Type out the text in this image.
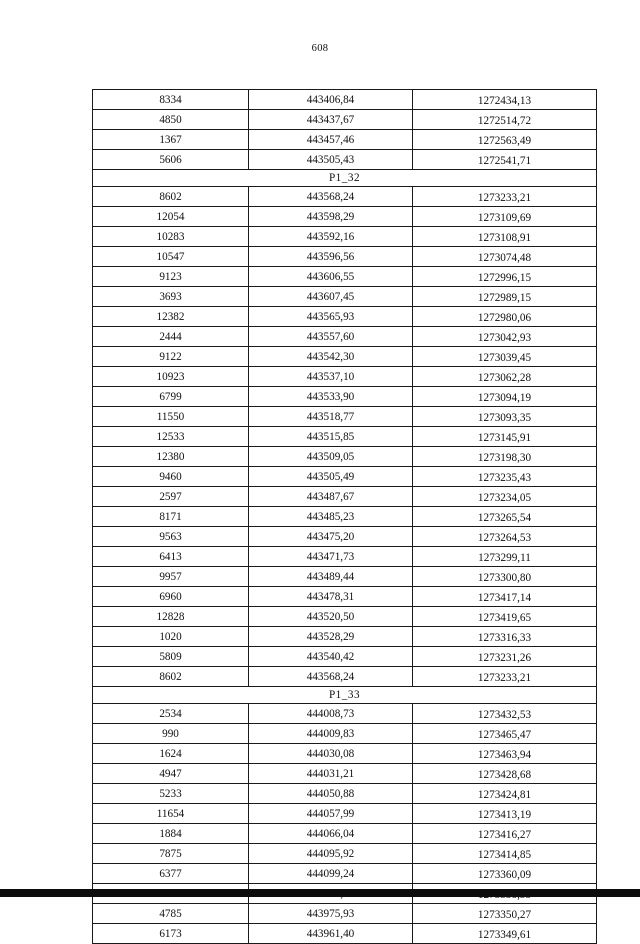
608
8334	443406,84	1272434,13
4850	443437,67	1272514,72
1367	443457,46	1272563,49
5606	443505,43	1272541,71
P1_32		
8602	443568,24	1273233,21
12054	443598,29	1273109,69
10283	443592,16	1273108,91
10547	443596,56	1273074,48
9123	443606,55	1272996,15
3693	443607,45	1272989,15
12382	443565,93	1272980,06
2444	443557,60	1273042,93
9122	443542,30	1273039,45
10923	443537,10	1273062,28
6799	443533,90	1273094,19
11550	443518,77	1273093,35
12533	443515,85	1273145,91
12380	443509,05	1273198,30
9460	443505,49	1273235,43
2597	443487,67	1273234,05
8171	443485,23	1273265,54
9563	443475,20	1273264,53
6413	443471,73	1273299,11
9957	443489,44	1273300,80
6960	443478,31	1273417,14
12828	443520,50	1273419,65
1020	443528,29	1273316,33
5809	443540,42	1273231,26
8602	443568,24	1273233,21
P1_33		
2534	444008,73	1273432,53
990	444009,83	1273465,47
1624	444030,08	1273463,94
4947	444031,21	1273428,68
5233	444050,88	1273424,81
11654	444057,99	1273413,19
1884	444066,04	1273416,27
7875	444095,92	1273414,85
6377	444099,24	1273360,09

4785	443975,93	1273350,27
6173	443961,40	1273349,61
